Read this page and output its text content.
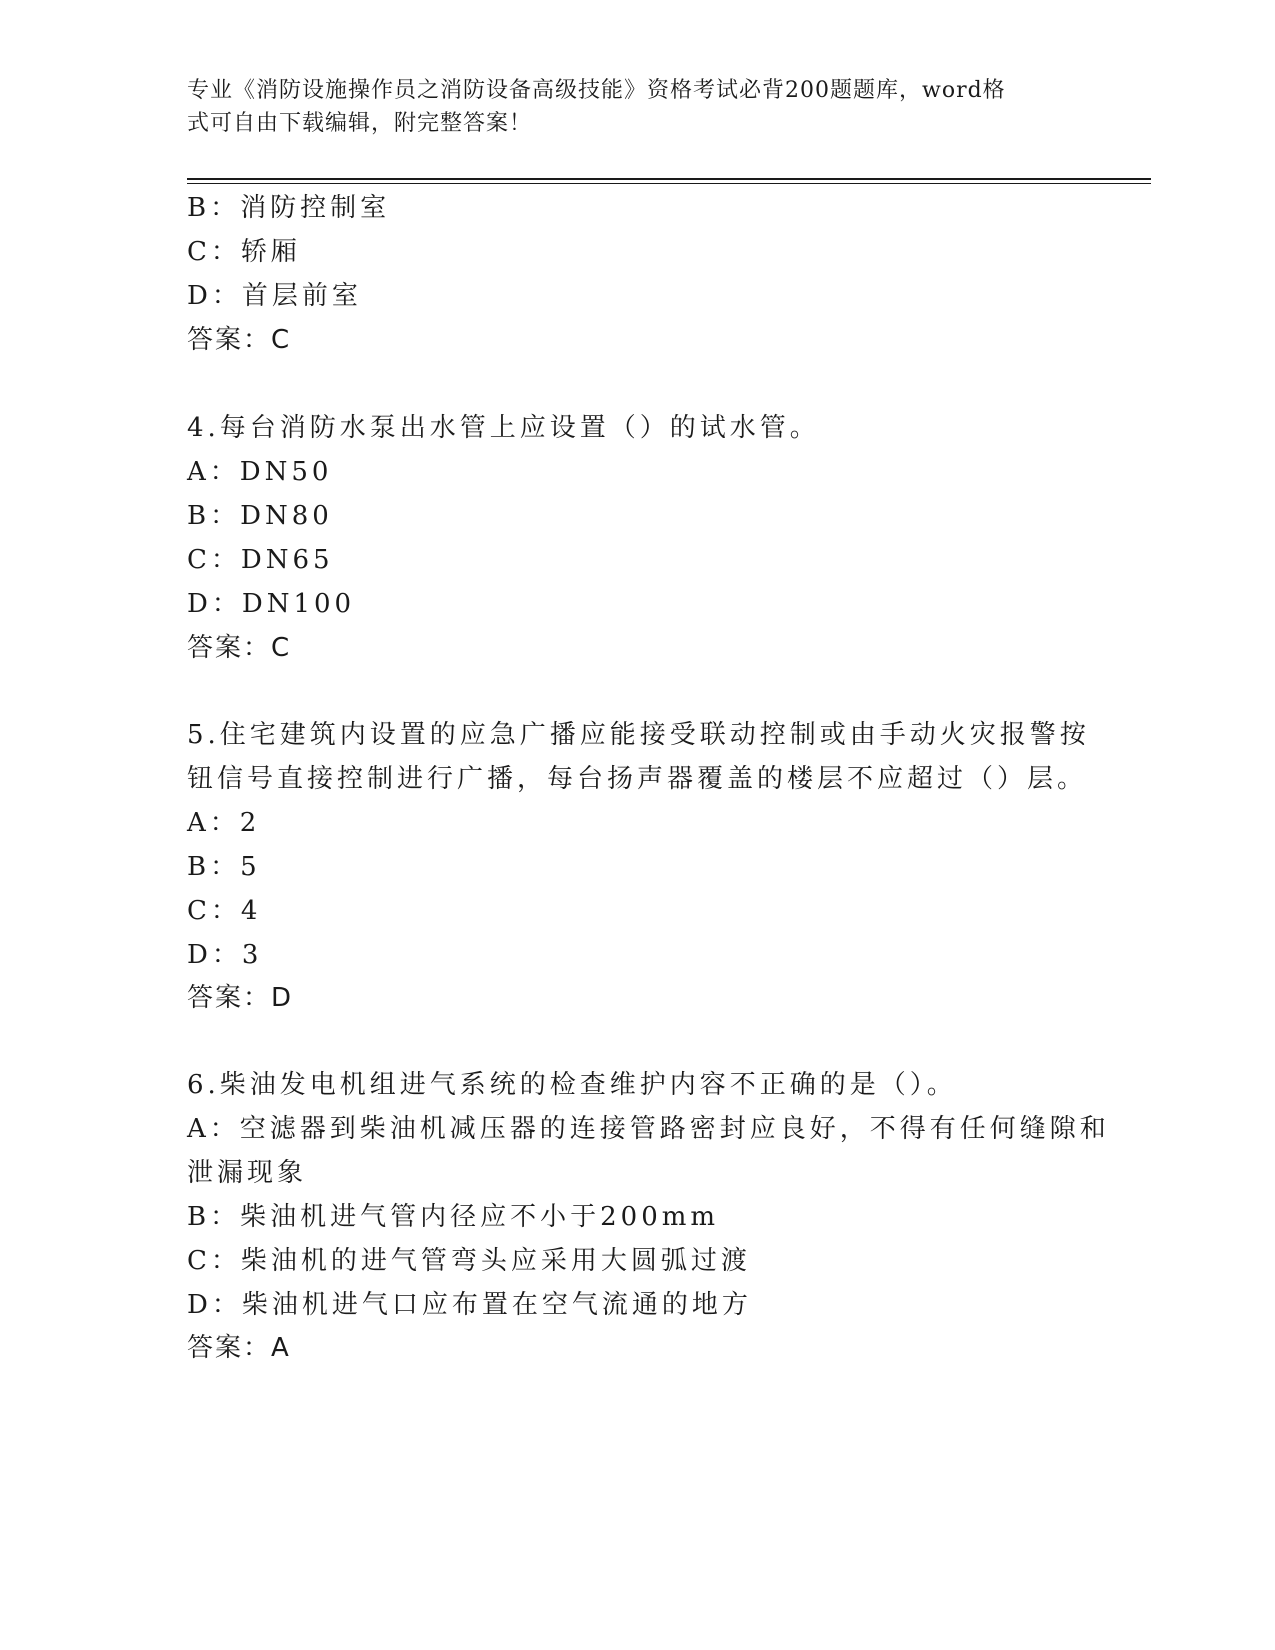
专业《消防设施操作员之消防设备高级技能》资格考试必背200题题库，word格
式可自由下载编辑，附完整答案！
B：消防控制室
C：轿厢
D：首层前室
答案：C
4.每台消防水泵出水管上应设置（）的试水管。
A：DN50
B：DN80
C：DN65
D：DN100
答案：C
5.住宅建筑内设置的应急广播应能接受联动控制或由手动火灾报警按
钮信号直接控制进行广播，每台扬声器覆盖的楼层不应超过（）层。
A：2
B：5
C：4
D：3
答案：D
6.柴油发电机组进气系统的检查维护内容不正确的是（）。
A：空滤器到柴油机减压器的连接管路密封应良好，不得有任何缝隙和
泄漏现象
B：柴油机进气管内径应不小于200mm
C：柴油机的进气管弯头应采用大圆弧过渡
D：柴油机进气口应布置在空气流通的地方
答案：A
